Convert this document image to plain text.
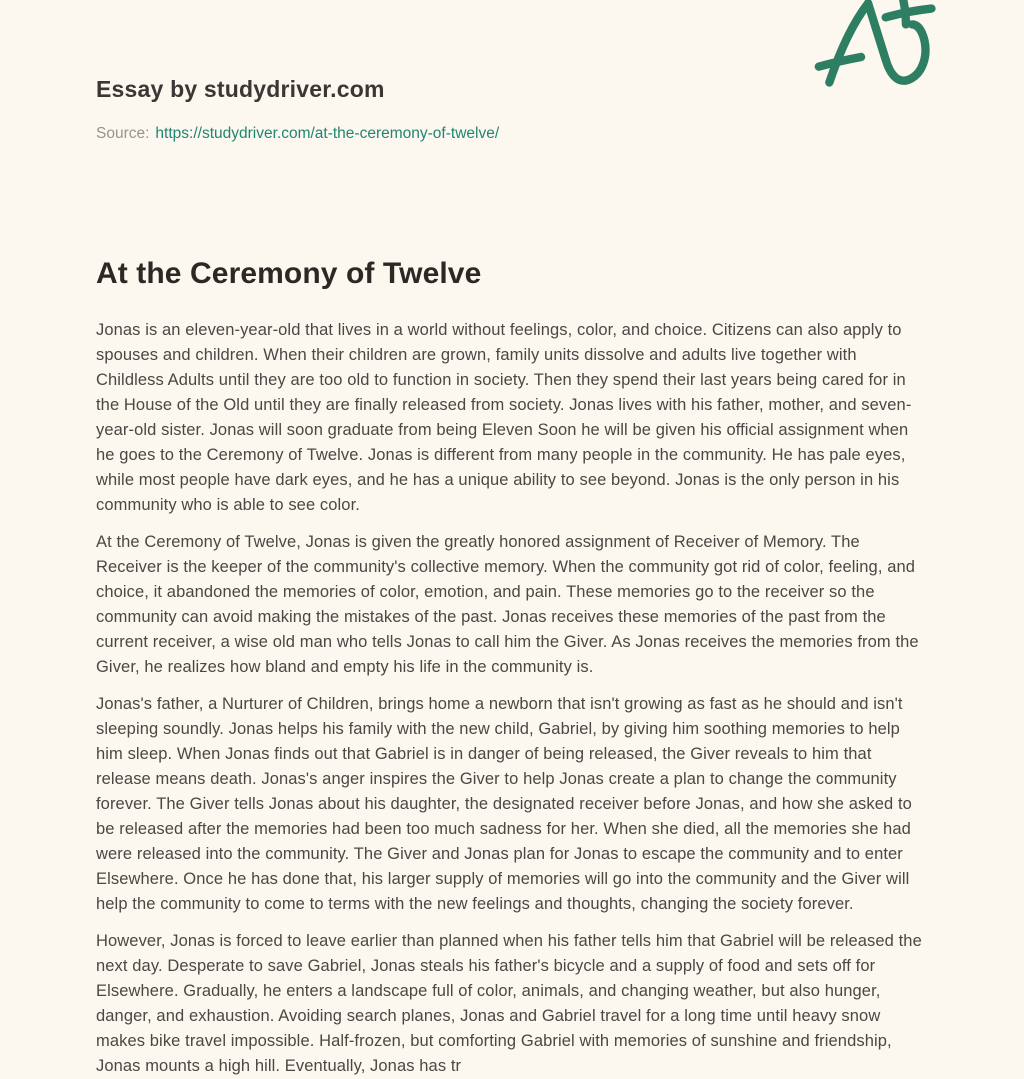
Essay by studydriver.com
Source: https://studydriver.com/at-the-ceremony-of-twelve/
At the Ceremony of Twelve

Jonas is an eleven-year-old that lives in a world without feelings, color, and choice. Citizens can also apply to spouses and children. When their children are grown, family units dissolve and adults live together with Childless Adults until they are too old to function in society. Then they spend their last years being cared for in the House of the Old until they are finally released from society. Jonas lives with his father, mother, and seven-year-old sister. Jonas will soon graduate from being Eleven Soon he will be given his official assignment when he goes to the Ceremony of Twelve. Jonas is different from many people in the community. He has pale eyes, while most people have dark eyes, and he has a unique ability to see beyond. Jonas is the only person in his community who is able to see color.

At the Ceremony of Twelve, Jonas is given the greatly honored assignment of Receiver of Memory. The Receiver is the keeper of the community's collective memory. When the community got rid of color, feeling, and choice, it abandoned the memories of color, emotion, and pain. These memories go to the receiver so the community can avoid making the mistakes of the past. Jonas receives these memories of the past from the current receiver, a wise old man who tells Jonas to call him the Giver. As Jonas receives the memories from the Giver, he realizes how bland and empty his life in the community is.

Jonas's father, a Nurturer of Children, brings home a newborn that isn't growing as fast as he should and isn't sleeping soundly. Jonas helps his family with the new child, Gabriel, by giving him soothing memories to help him sleep. When Jonas finds out that Gabriel is in danger of being released, the Giver reveals to him that release means death. Jonas's anger inspires the Giver to help Jonas create a plan to change the community forever. The Giver tells Jonas about his daughter, the designated receiver before Jonas, and how she asked to be released after the memories had been too much sadness for her. When she died, all the memories she had were released into the community. The Giver and Jonas plan for Jonas to escape the community and to enter Elsewhere. Once he has done that, his larger supply of memories will go into the community and the Giver will help the community to come to terms with the new feelings and thoughts, changing the society forever.

However, Jonas is forced to leave earlier than planned when his father tells him that Gabriel will be released the next day. Desperate to save Gabriel, Jonas steals his father's bicycle and a supply of food and sets off for Elsewhere. Gradually, he enters a landscape full of color, animals, and changing weather, but also hunger, danger, and exhaustion. Avoiding search planes, Jonas and Gabriel travel for a long time until heavy snow makes bike travel impossible. Half-frozen, but comforting Gabriel with memories of sunshine and friendship, Jonas mounts a high hill. Eventually, Jonas has tr
